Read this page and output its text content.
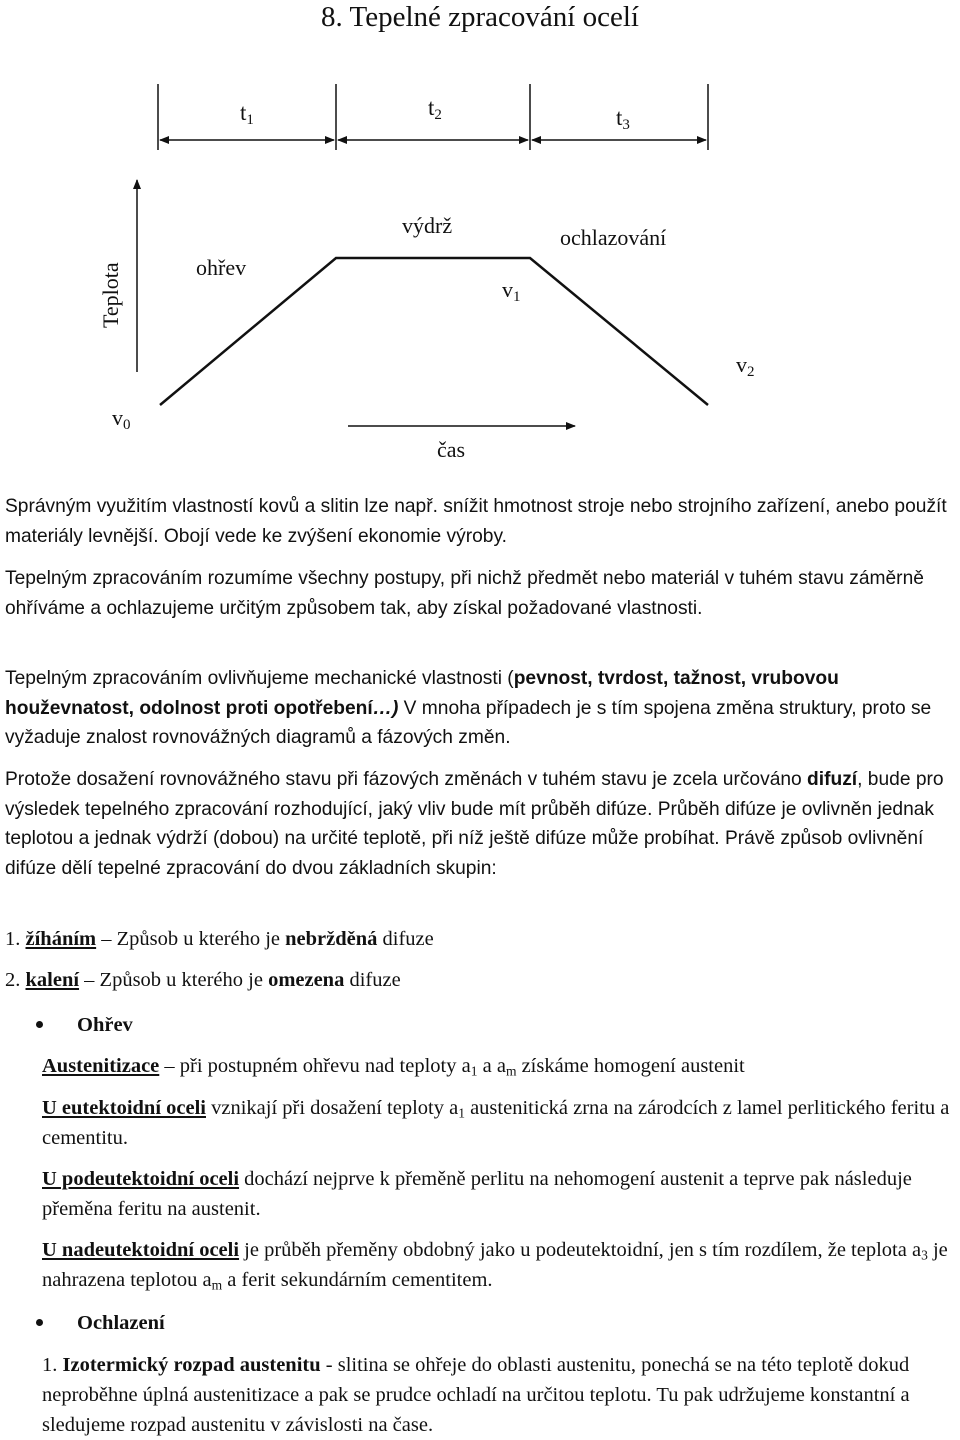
8. Tepelné zpracování ocelí
t1	t2	t3
Teplota	ohřev
výdrž	ochlazování
v0
v1
v2
čas

Správným využitím vlastností kovů a slitin lze např. snížit hmotnost stroje nebo strojního zařízení, anebo použít materiály levnější. Obojí vede ke zvýšení ekonomie výroby.

Tepelným zpracováním rozumíme všechny postupy, při nichž předmět nebo materiál v tuhém stavu záměrně ohříváme a ochlazujeme určitým způsobem tak, aby získal požadované vlastnosti.

Tepelným zpracováním ovlivňujeme mechanické vlastnosti (pevnost, tvrdost, tažnost, vrubovou houževnatost, odolnost proti opotřebení…) V mnoha případech je s tím spojena změna struktury, proto se vyžaduje znalost rovnovážných diagramů a fázových změn.

Protože dosažení rovnovážného stavu při fázových změnách v tuhém stavu je zcela určováno difuzí, bude pro výsledek tepelného zpracování rozhodující, jaký vliv bude mít průběh difúze. Průběh difúze je ovlivněn jednak teplotou a jednak výdrží (dobou) na určité teplotě, při níž ještě difúze může probíhat. Právě způsob ovlivnění difúze dělí tepelné zpracování do dvou základních skupin:

1. žíháním – Způsob u kterého je nebržděná difuze

2. kalení – Způsob u kterého je omezena difuze

Ohřev

Austenitizace – při postupném ohřevu nad teploty $a_1$ a $a_m$ získáme homogení austenit

U eutektoidní oceli vznikají při dosažení teploty $a_1$ austenitická zrna na zárodcích z lamel perlitického feritu a cementitu.

U podeutektoidní oceli dochází nejprve k přeměně perlitu na nehomogení austenit a teprve pak následuje přeměna feritu na austenit.

U nadeutektoidní oceli je průběh přeměny obdobný jako u podeutektoidní, jen s tím rozdílem, že teplota $a_3$ je nahrazena teplotou $a_m$ a ferit sekundárním cementitem.

Ochlazení

1. Izotermický rozpad austenitu - slitina se ohřeje do oblasti austenitu, ponechá se na této teplotě dokud neproběhne úplná austenitizace a pak se prudce ochladí na určitou teplotu. Tu pak udržujeme konstantní a sledujeme rozpad austenitu v závislosti na čase.
